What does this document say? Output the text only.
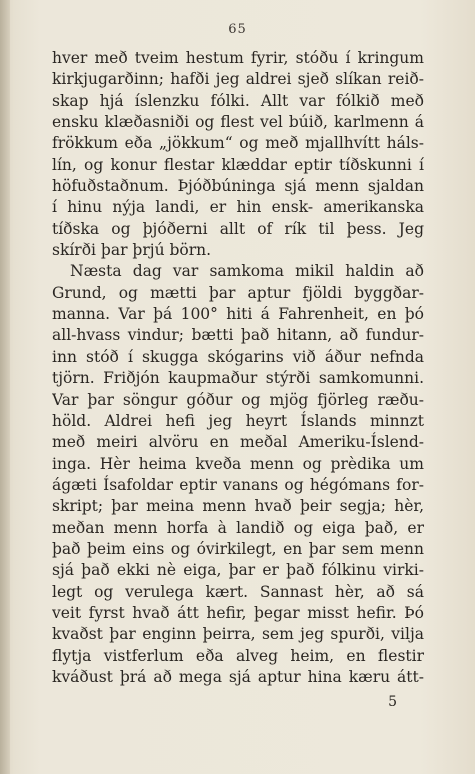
65
hver með tveim hestum fyrir, stóðu í kringum
kirkjugarðinn; hafði jeg aldrei sjeð slíkan reið-
skap hjá íslenzku fólki. Allt var fólkið með
ensku klæðasniði og flest vel búið, karlmenn á
frökkum eða „jökkum“ og með mjallhvítt háls-
lín, og konur flestar klæddar eptir tíðskunni í
höfuðstaðnum. Þjóðbúninga sjá menn sjaldan
í hinu nýja landi, er hin ensk- amerikanska
tíðska og þjóðerni allt of rík til þess. Jeg
skírði þar þrjú börn.
Næsta dag var samkoma mikil haldin að
Grund, og mætti þar aptur fjöldi byggðar-
manna. Var þá 100° hiti á Fahrenheit, en þó
all-hvass vindur; bætti það hitann, að fundur-
inn stóð í skugga skógarins við áður nefnda
tjörn. Friðjón kaupmaður stýrði samkomunni.
Var þar söngur góður og mjög fjörleg ræðu-
höld. Aldrei hefi jeg heyrt Íslands minnzt
með meiri alvöru en meðal Ameriku-Íslend-
inga. Hèr heima kveða menn og prèdika um
ágæti Ísafoldar eptir vanans og hégómans for-
skript; þar meina menn hvað þeir segja; hèr,
meðan menn horfa à landið og eiga það, er
það þeim eins og óvirkilegt, en þar sem menn
sjá það ekki nè eiga, þar er það fólkinu virki-
legt og verulega kært. Sannast hèr, að sá
veit fyrst hvað átt hefir, þegar misst hefir. Þó
kvaðst þar enginn þeirra, sem jeg spurði, vilja
flytja vistferlum eða alveg heim, en flestir
kváðust þrá að mega sjá aptur hina kæru átt-
5
